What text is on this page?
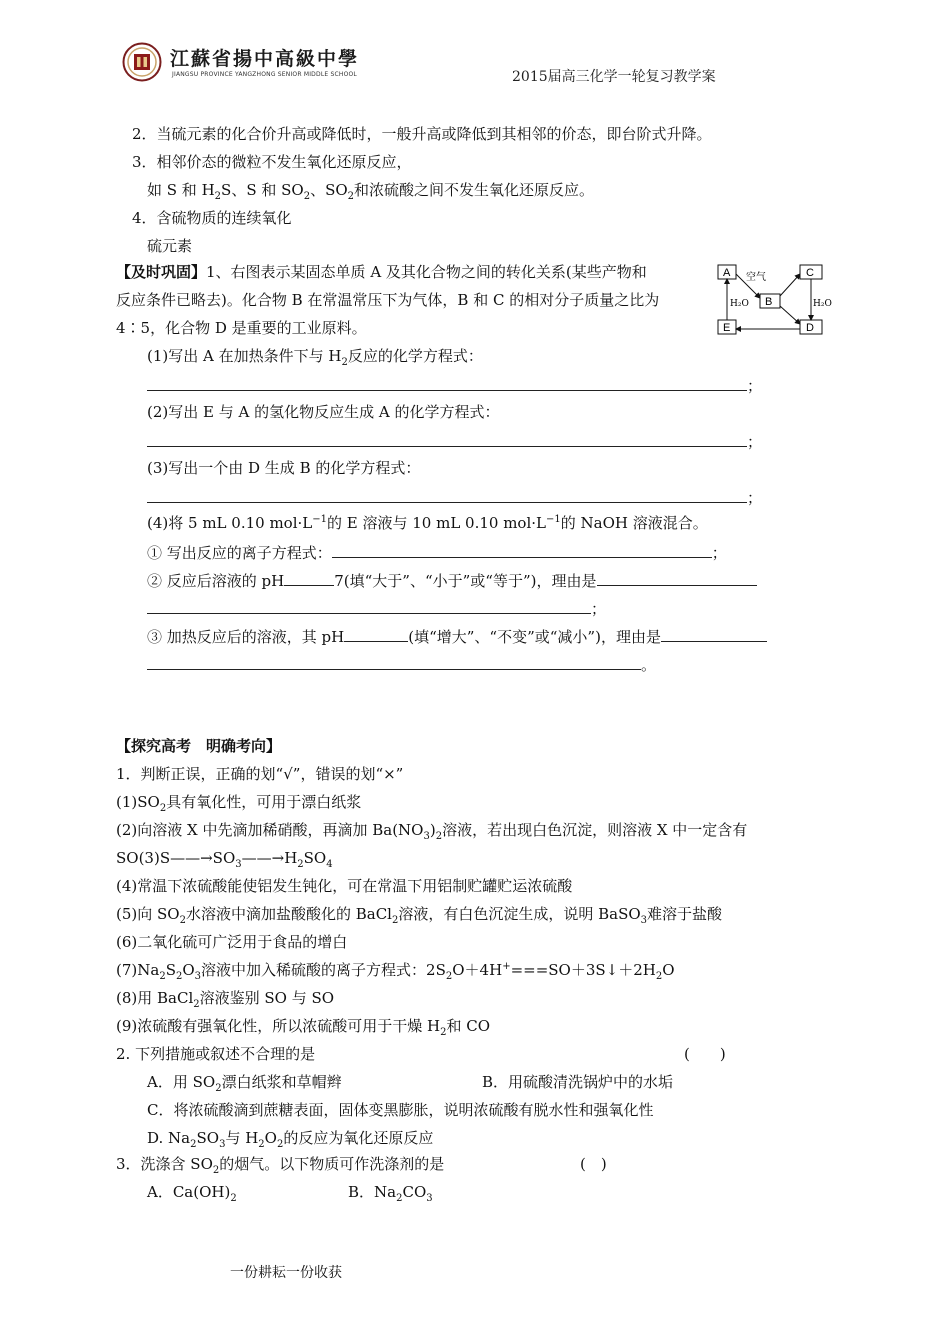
江蘇省揚中高級中學
JIANGSU PROVINCE YANGZHONG SENIOR MIDDLE SCHOOL	2015届高三化学一轮复习教学案
2．当硫元素的化合价升高或降低时，一般升高或降低到其相邻的价态，即台阶式升降。
3．相邻价态的微粒不发生氧化还原反应，
如 S 和 $H_2S$、S 和 $SO_2$、$SO_2$和浓硫酸之间不发生氧化还原反应。
4．含硫物质的连续氧化
硫元素
【及时巩固】1、右图表示某固态单质 A 及其化合物之间的转化关系(某些产物和
反应条件已略去)。化合物 B 在常温常压下为气体，B 和 C 的相对分子质量之比为
4∶5，化合物 D 是重要的工业原料。
A	C
B
E	D
空气
H₂O	H₂O
(1)写出 A 在加热条件下与 $H_2$反应的化学方程式：
；
(2)写出 E 与 A 的氢化物反应生成 A 的化学方程式：
；
(3)写出一个由 D 生成 B 的化学方程式：
；
(4)将 5 mL 0.10 $mol\cdot L^{-1}$的 E 溶液与 10 mL 0.10 $mol\cdot L^{-1}$的 NaOH 溶液混合。
① 写出反应的离子方程式：	；
② 反应后溶液的 pH	7(填“大于”、“小于”或“等于”)，理由是
；
③ 加热反应后的溶液，其 pH	(填“增大”、“不变”或“减小”)，理由是
。
【探究高考　明确考向】
1．判断正误，正确的划“√”，错误的划“×”
$(1)SO_2$具有氧化性，可用于漂白纸浆
(2)向溶液 X 中先滴加稀硝酸，再滴加 $Ba(NO_3)_2$溶液，若出现白色沉淀，则溶液 X 中一定含有
$SO(3)S——\to SO_3——\to H_2SO_4$
(4)常温下浓硫酸能使铝发生钝化，可在常温下用铝制贮罐贮运浓硫酸
(5)向 $SO_2$水溶液中滴加盐酸酸化的 BaCl$_2$溶液，有白色沉淀生成，说明 BaSO$_3$难溶于盐酸
(6)二氧化硫可广泛用于食品的增白
$(7)Na_2S_2O_3$溶液中加入稀硫酸的离子方程式：$2S_2O+4H^+===SO+3S↓+2H_2O$
(8)用 BaCl$_2$溶液鉴别 SO 与 SO
(9)浓硫酸有强氧化性，所以浓硫酸可用于干燥 $H_2$和 CO
2. 下列措施或叙述不合理的是	(　　)
A．用 $SO_2$漂白纸浆和草帽辫	B．用硫酸清洗锅炉中的水垢
C．将浓硫酸滴到蔗糖表面，固体变黑膨胀，说明浓硫酸有脱水性和强氧化性
D. $Na_2SO_3$与 $H_2O_2$的反应为氧化还原反应
3．洗涤含 $SO_2$的烟气。以下物质可作洗涤剂的是	(　)
A．$Ca(OH)_2$	B．$Na_2CO_3$
一份耕耘一份收获
